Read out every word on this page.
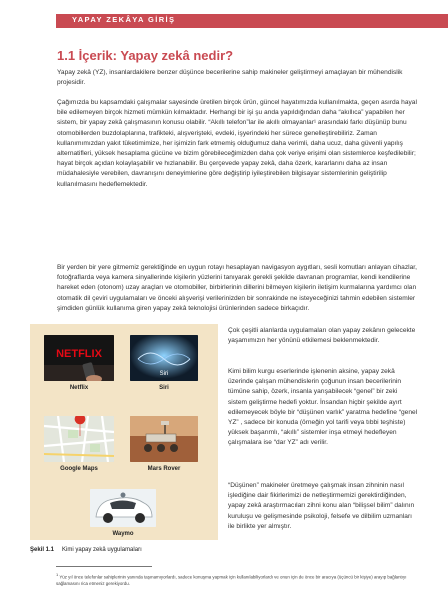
YAPAY ZEKÂYA GİRİŞ
1.1 İçerik: Yapay zekâ nedir?

Yapay zekâ (YZ), insanlardakilere benzer düşünce becerilerine sahip makineler geliştirmeyi amaçlayan bir mühendislik projesidir.

Çağımızda bu kapsamdaki çalışmalar sayesinde üretilen birçok ürün, güncel hayatımızda kullanılmakta, geçen asırda hayal bile edilemeyen birçok hizmeti mümkün kılmaktadır. Herhangi bir işi şu anda yapıldığından daha “akıllıca” yapabilen her sistem, bir yapay zekâ çalışmasının konusu olabilir. “Akıllı telefon”lar ile akıllı olmayanlar¹ arasındaki farkı düşünüp bunu otomobillerden buzdolaplarına, trafikteki, alışverişteki, evdeki, işyerindeki her sürece genelleştirebiliriz. Zaman kullanımımızdan yakıt tüketimimize, her işimizin fark etmemiş olduğumuz daha verimli, daha ucuz, daha güvenli yapılış alternatifleri, yüksek hesaplama gücüne ve bizim görebileceğimizden daha çok veriye erişimi olan sistemlerce keşfedilebilir; hayat birçok açıdan kolaylaşabilir ve hızlanabilir. Bu çerçevede yapay zekâ, daha özerk, kararlarını daha az insan müdahalesiyle verebilen, davranışını deneyimlerine göre değiştirip iyileştirebilen bilgisayar sistemlerinin geliştirilip kullanılmasını hedeflemektedir.

Bir yerden bir yere gitmemiz gerektiğinde en uygun rotayı hesaplayan navigasyon aygıtları, sesli komutları anlayan cihazlar, fotoğraflarda veya kamera sinyallerinde kişilerin yüzlerini tanıyarak gerekli şekilde davranan programlar, kendi kendilerine hareket eden (otonom) uzay araçları ve otomobiller, birbirlerinin dillerini bilmeyen kişilerin iletişim kurmalarına yardımcı olan otomatik dil çeviri uygulamaları ve önceki alışverişi verilerinizden bir sonrakinde ne isteyeceğinizi tahmin edebilen sistemler şimdiden günlük kullanıma giren yapay zekâ teknolojisi ürünlerinden sadece birkaçıdır.

NETFLIX
Netflix
Siri
Siri
Google Maps	Mars Rover
Waymo
Şekil 1.1 Kimi yapay zekâ uygulamaları

Çok çeşitli alanlarda uygulamaları olan yapay zekânın gelecekte yaşamımızın her yönünü etkilemesi beklenmektedir.

Kimi bilim kurgu eserlerinde işlenenin aksine, yapay zekâ üzerinde çalışan mühendislerin çoğunun insan becerilerinin tümüne sahip, özerk, insanla yarışabilecek “genel” bir zeki sistem geliştirme hedefi yoktur. İnsandan hiçbir şekilde ayırt edilemeyecek böyle bir “düşünen varlık” yaratma hedefine “genel YZ” , sadece bir konuda (örneğin yol tarifi veya tıbbi teşhiste) yüksek başarımlı, “akıllı” sistemler inşa etmeyi hedefleyen çalışmalara ise “dar YZ” adı verilir.

“Düşünen” makineler üretmeye çalışmak insan zihninin nasıl işlediğine dair fikirlerimizi de netleştirmemizi gerektirdiğinden, yapay zekâ araştırmacıları zihni konu alan “bilişsel bilim” dalının kuruluşu ve gelişmesinde psikoloji, felsefe ve dilbilim uzmanları ile birlikte yer almıştır.

$^1$ Yüz yıl önce telefonlar sahiplerinin yanında taşınamıyorlardı, sadece konuşma yapmak için kullanılabiliyorlardı ve onun için de önce bir aracıya (üçüncü bir kişiye) arayıp bağlantıyı sağlamasını rica etmeniz gerekiyordu.
